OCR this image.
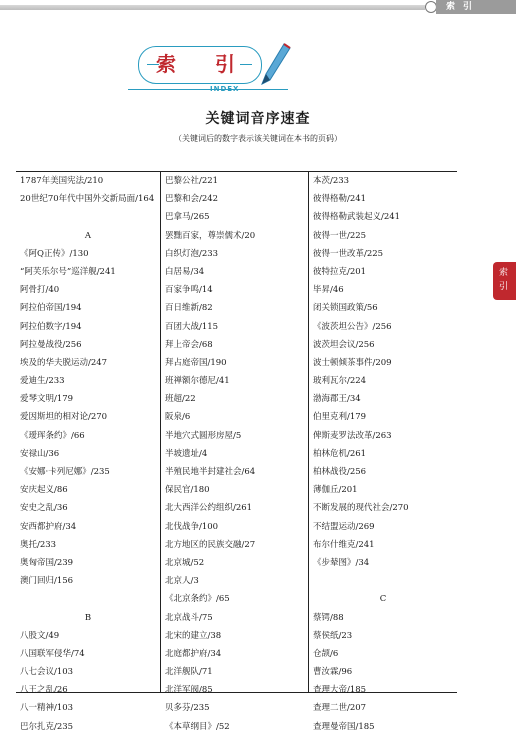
索引
索 引
INDEX
关键词音序速查
（关键词后的数字表示该关键词在本书的页码）
1787年美国宪法/210
20世纪70年代中国外交新局面/164
A
《阿Q正传》/130
“阿芙乐尔号”巡洋舰/241
阿骨打/40
阿拉伯帝国/194
阿拉伯数字/194
阿拉曼战役/256
埃及的华夫脱运动/247
爱迪生/233
爱琴文明/179
爱因斯坦的相对论/270
《瑷珲条约》/66
安禄山/36
《安娜·卡列尼娜》/235
安庆起义/86
安史之乱/36
安西都护府/34
奥托/233
奥匈帝国/239
澳门回归/156
B
八股文/49
八国联军侵华/74
八七会议/103
八王之乱/26
八一精神/103
巴尔扎克/235
巴黎公社/221
巴黎和会/242
巴拿马/265
罢黜百家，尊崇儒术/20
白织灯泡/233
白居易/34
百家争鸣/14
百日维新/82
百团大战/115
拜上帝会/68
拜占庭帝国/190
班禅额尔德尼/41
班超/22
阪泉/6
半地穴式圆形房屋/5
半坡遗址/4
半殖民地半封建社会/64
保民官/180
北大西洋公约组织/261
北伐战争/100
北方地区的民族交融/27
北京城/52
北京人/3
《北京条约》/65
北京战斗/75
北宋的建立/38
北庭都护府/34
北洋舰队/71
北洋军阀/85
贝多芬/235
《本草纲目》/52
本茨/233
彼得格勒/241
彼得格勒武装起义/241
彼得一世/225
彼得一世改革/225
彼特拉克/201
毕昇/46
闭关锁国政策/56
《波茨坦公告》/256
波茨坦会议/256
波士顿倾茶事件/209
玻利瓦尔/224
渤海郡王/34
伯里克利/179
俾斯麦罗法改革/263
柏林危机/261
柏林战役/256
薄伽丘/201
不断发展的现代社会/270
不结盟运动/269
布尔什维克/241
《步辇图》/34
C
蔡锷/88
蔡侯纸/23
仓颉/6
曹汝霖/96
查理大帝/185
查理二世/207
查理曼帝国/185
索引
